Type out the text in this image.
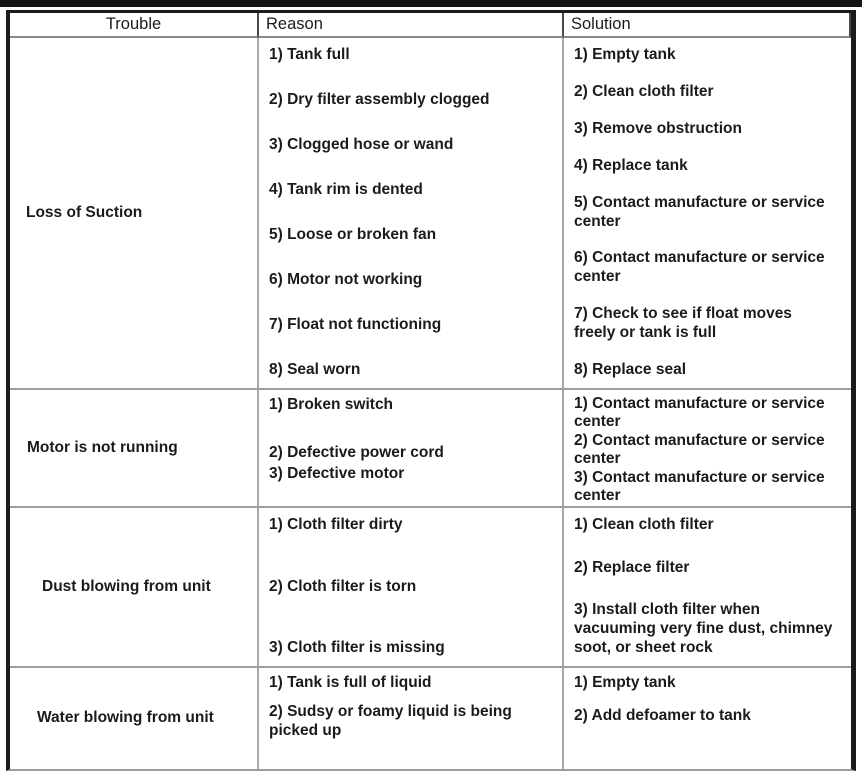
Trouble	Reason	Solution
Loss of Suction
1) Tank full
2) Dry filter assembly clogged
3) Clogged hose or wand
4) Tank rim is dented
5) Loose or broken fan
6) Motor not working
7) Float not functioning
8) Seal worn
1) Empty tank
2) Clean cloth filter
3) Remove obstruction
4) Replace tank
5) Contact manufacture or service center
6) Contact manufacture or service center
7) Check to see if float moves freely or tank is full
8) Replace seal
Motor is not running
1) Broken switch
2) Defective power cord
3) Defective motor
1) Contact manufacture or service center
2) Contact manufacture or service center
3) Contact manufacture or service center
Dust blowing from unit
1) Cloth filter dirty
2) Cloth filter is torn
3) Cloth filter is missing
1) Clean cloth filter
2) Replace filter
3) Install cloth filter when vacuuming very fine dust, chimney soot, or sheet rock
Water blowing from unit
1) Tank is full of liquid
2) Sudsy or foamy liquid is being picked up
1) Empty tank
2) Add defoamer to tank
